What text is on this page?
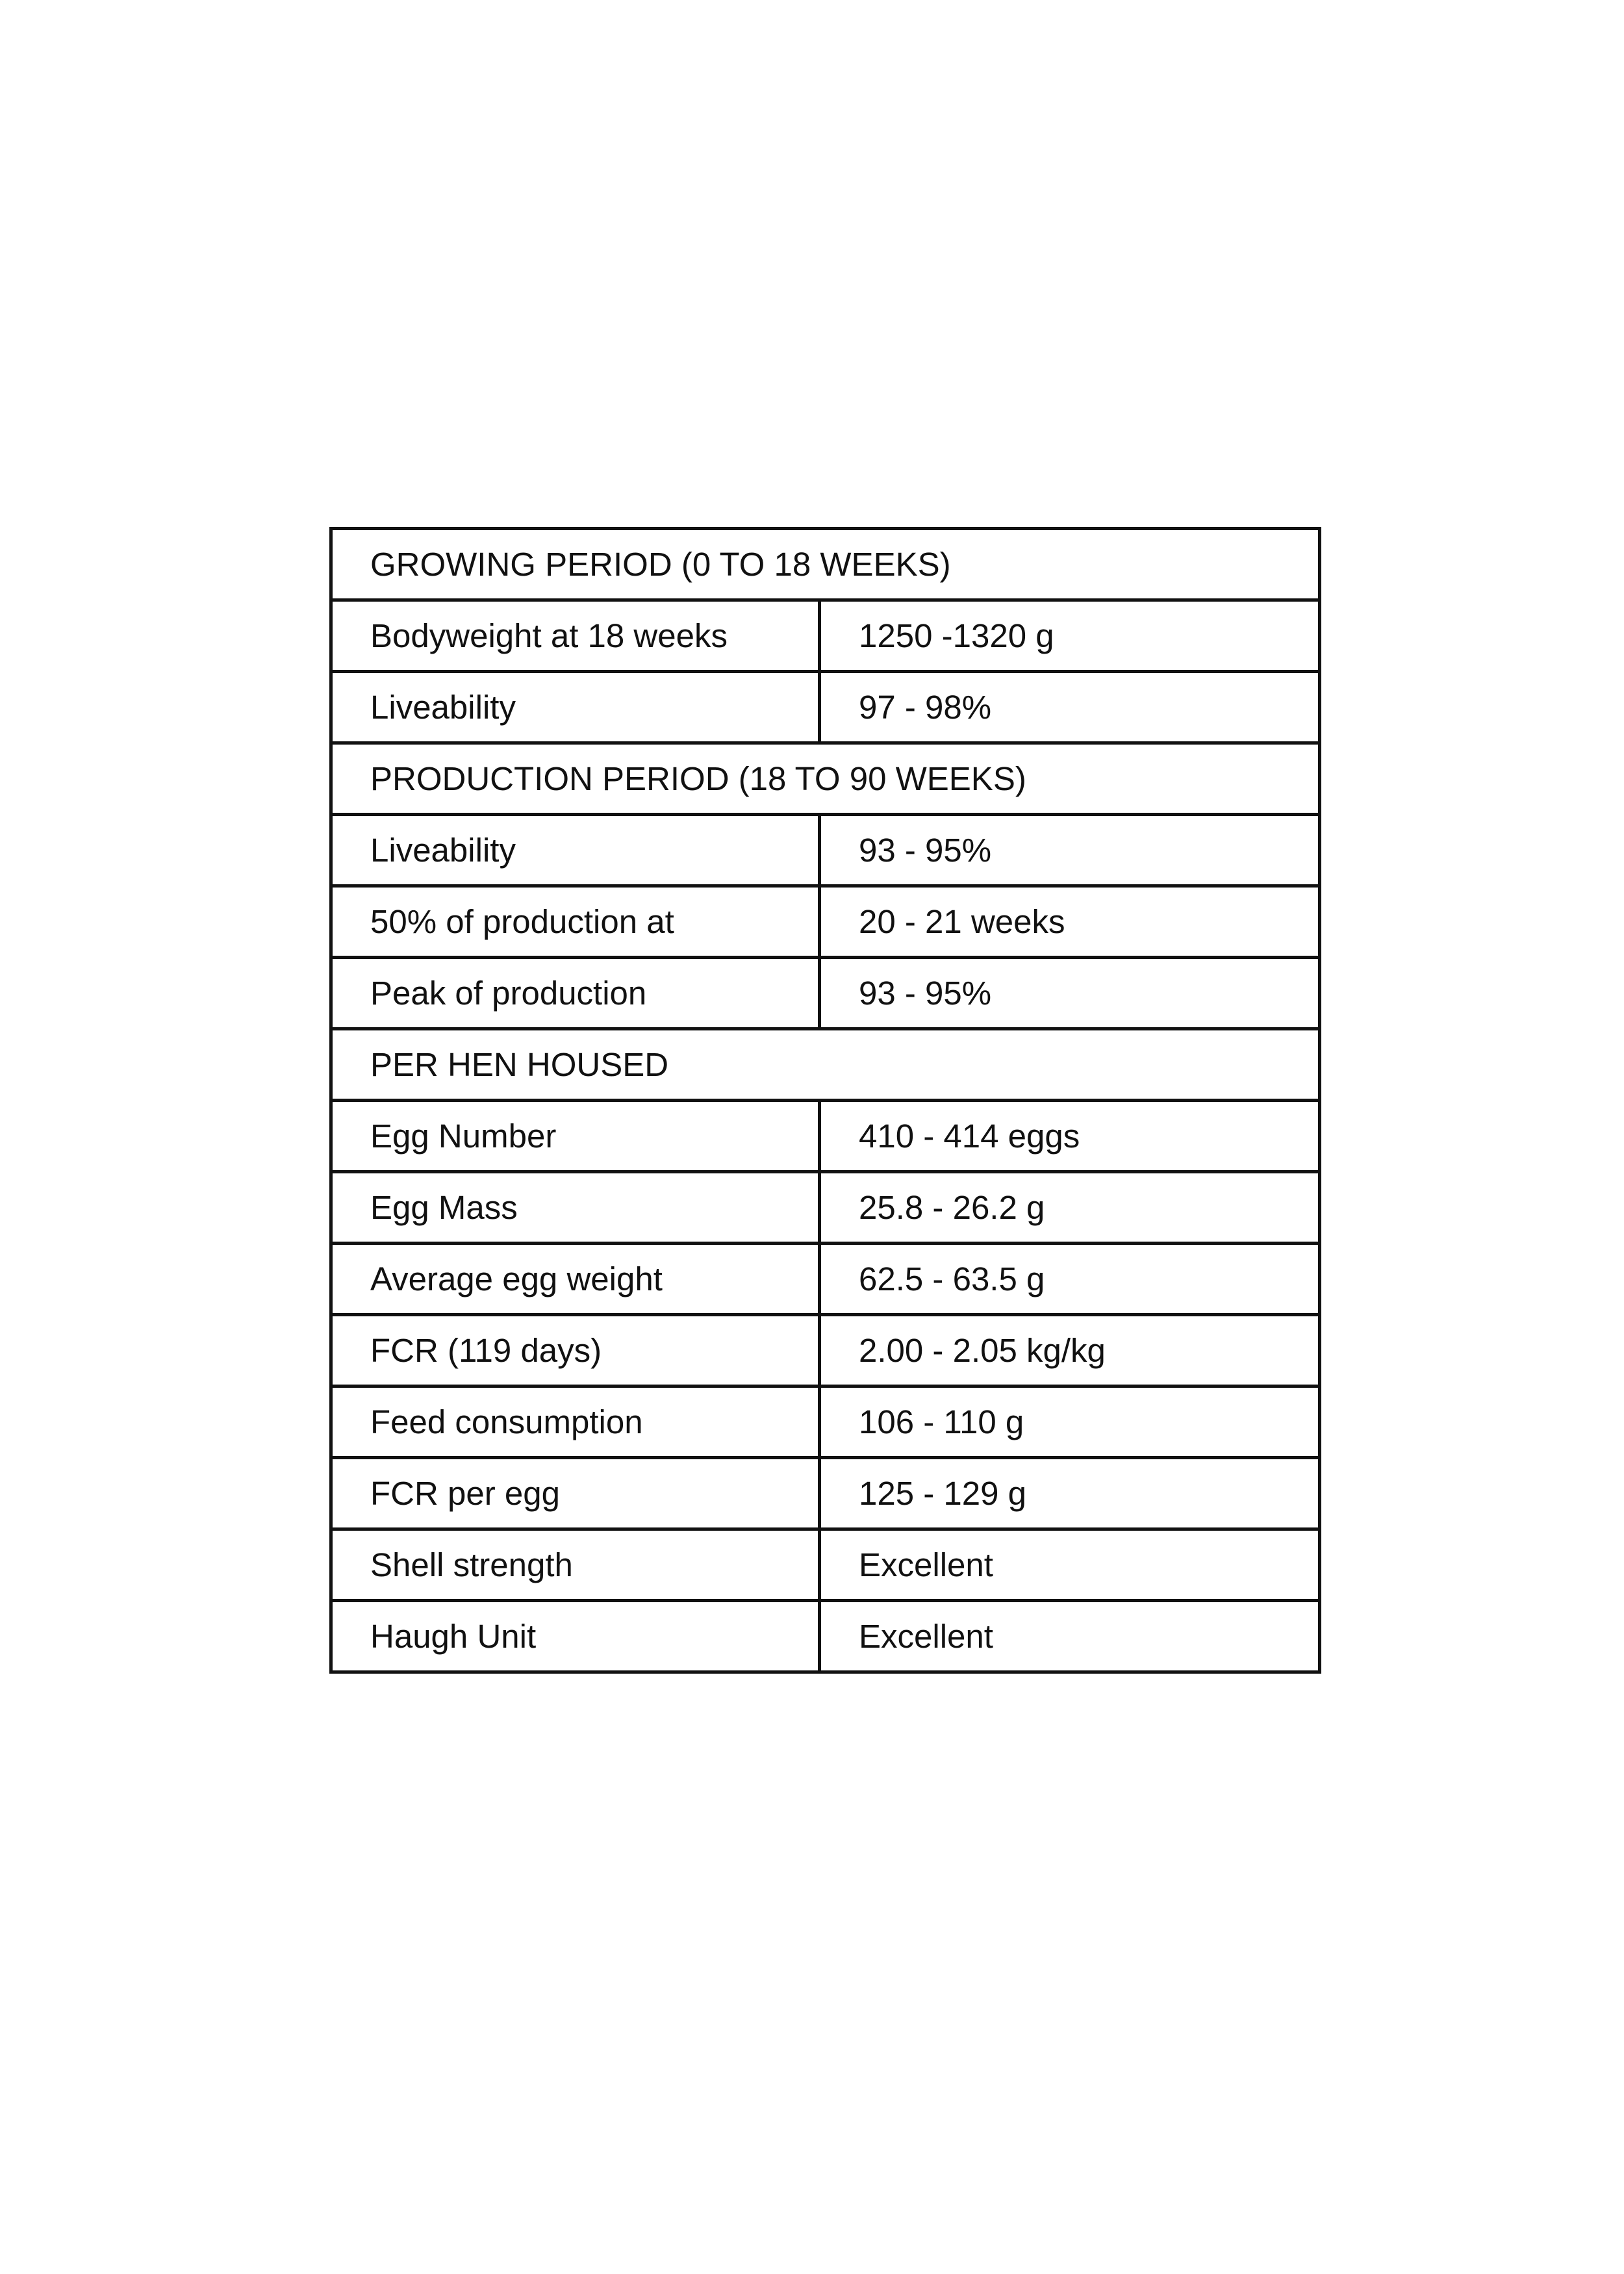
GROWING PERIOD (0 TO 18 WEEKS)	
Bodyweight at 18 weeks	1250 -1320 g
Liveability	97 - 98%
PRODUCTION PERIOD (18 TO 90 WEEKS)	
Liveability	93 - 95%
50% of production at	20 - 21 weeks
Peak of production	93 - 95%
PER HEN HOUSED	
Egg Number	410 - 414 eggs
Egg Mass	25.8 - 26.2 g
Average egg weight	62.5 - 63.5 g
FCR (119 days)	2.00 - 2.05 kg/kg
Feed consumption	106 - 110 g
FCR per egg	125 - 129 g
Shell strength	Excellent
Haugh Unit	Excellent
